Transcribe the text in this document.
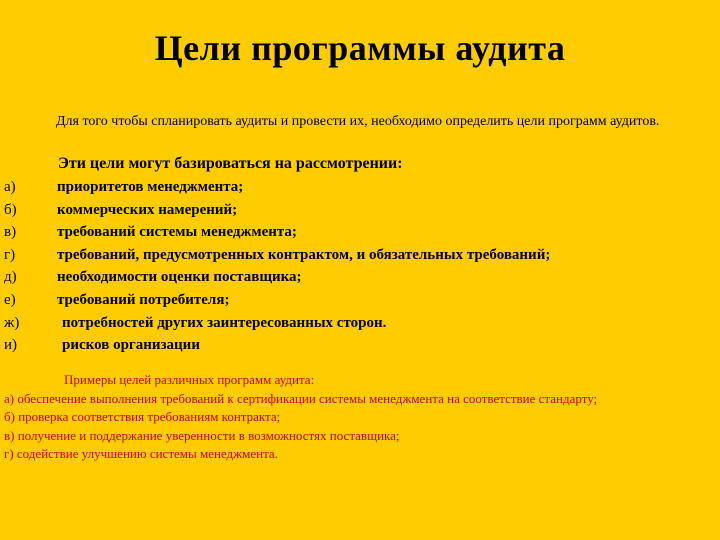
Цели программы аудита
Для того чтобы спланировать аудиты и провести их, необходимо определить цели программ аудитов.
Эти цели могут базироваться на рассмотрении:
а)	приоритетов менеджмента;
б)	коммерческих намерений;
в)	требований системы менеджмента;
г)	требований, предусмотренных контрактом, и обязательных требований;
д)	необходимости оценки поставщика;
е)	требований потребителя;
ж)	потребностей других заинтересованных сторон.
и)	рисков организации
Примеры целей различных программ аудита:
а) обеспечение выполнения требований к сертификации системы менеджмента на соответствие стандарту;
б) проверка соответствия требованиям контракта;
в) получение и поддержание уверенности в возможностях поставщика;
г) содействие улучшению системы менеджмента.
